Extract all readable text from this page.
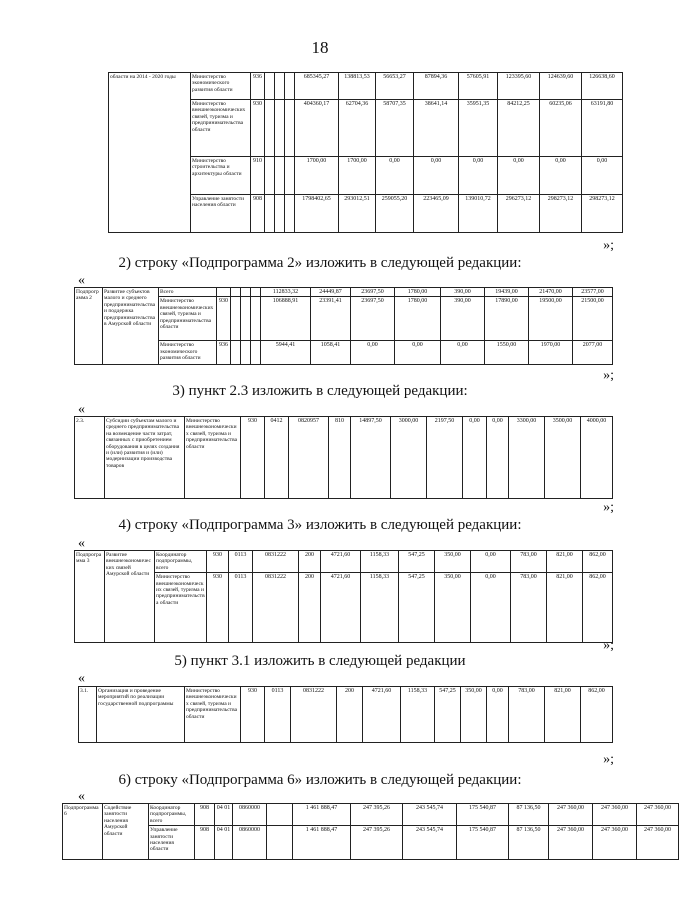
18
области на 2014 - 2020 годы	Министерство экономического развития области	936				685345,27	138813,53	56653,27	87894,36	57605,91	123395,60	124639,60	126638,60
	Министерство внешнеэкономических связей, туризма и предпринимательства области	930				404360,17	62704,36	58707,35	38641,14	35951,35	84212,25	60235,06	63191,80
	Министерство строительства и архитектуры области	910				1700,00	1700,00	0,00	0,00	0,00	0,00	0,00	0,00
	Управление занятости населения области	908				1798402,65	293012,51	259055,20	223465,09	139010,72	296273,12	298273,12	298273,12
»;
2) строку «Подпрограмма 2» изложить в следующей редакции:
«
Подпрограмма 2	Развитие субъектов малого и среднего предпринимательства и поддержка предпринимательства в Амурской области	Всего					112833,32	24449,87	23697,50	1780,00	390,00	19439,00	21470,00	23577,00
		Министерство внешнеэкономических связей, туризма и предпринимательства области	930				106888,91	23391,41	23697,50	1780,00	390,00	17890,00	19500,00	21500,00
		Министерство экономического развития области	936				5944,41	1058,41	0,00	0,00	0,00	1550,00	1970,00	2077,00
»;
3) пункт 2.3 изложить в следующей редакции:
«
2.3.	Субсидии субъектам малого и среднего предпринимательства на возмещение части затрат, связанных с приобретением оборудования в целях создания и (или) развития и (или) модернизации производства товаров	Министерство внешнеэкономических связей, туризма и предпринимательства области	930	0412	0820957	810	14897,50	3000,00	2197,50	0,00	0,00	3300,00	3500,00	4000,00
»;
4) строку «Подпрограмма 3» изложить в следующей редакции:
«
Подпрограмма 3	Развитие внешнеэкономических связей Амурской области	Координатор подпрограммы, всего	930	0113	0831222	200	4721,60	1158,33	547,25	350,00	0,00	783,00	821,00	862,00
		Министерство внешнеэкономических связей, туризма и предпринимательства области	930	0113	0831222	200	4721,60	1158,33	547,25	350,00	0,00	783,00	821,00	862,00
»;
5) пункт 3.1 изложить в следующей редакции
«
3.1.	Организация и проведение мероприятий по реализации государственной подпрограммы	Министерство внешнеэкономических связей, туризма и предпринимательства области	930	0113	0831222	200	4721,60	1158,33	547,25	350,00	0,00	783,00	821,00	862,00
»;
6) строку «Подпрограмма 6» изложить в следующей редакции:
«
Подпрограмма 6	Содействие занятости населения Амурской области	Координатор подпрограммы, всего	908	04 01	0860000		1 461 888,47	247 395,26	243 545,74	175 540,87	87 136,50	247 360,00	247 360,00	247 360,00
		Управление занятости населения области	908	04 01	0860000		1 461 888,47	247 395,26	243 545,74	175 540,87	87 136,50	247 360,00	247 360,00	247 360,00
